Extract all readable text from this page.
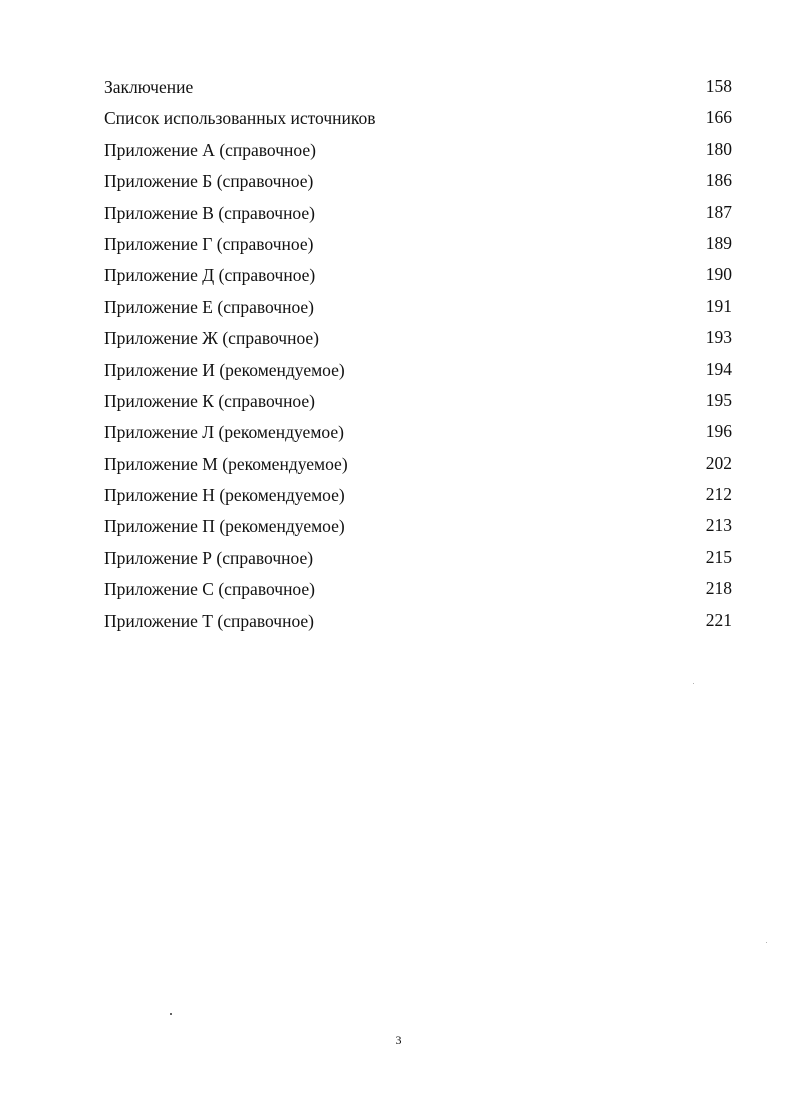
Заключение	158
Список использованных источников	166
Приложение А (справочное)	180
Приложение Б (справочное)	186
Приложение В (справочное)	187
Приложение Г (справочное)	189
Приложение Д (справочное)	190
Приложение Е (справочное)	191
Приложение Ж (справочное)	193
Приложение И (рекомендуемое)	194
Приложение К (справочное)	195
Приложение Л (рекомендуемое)	196
Приложение М (рекомендуемое)	202
Приложение Н (рекомендуемое)	212
Приложение П (рекомендуемое)	213
Приложение Р (справочное)	215
Приложение С (справочное)	218
Приложение Т (справочное)	221
3
